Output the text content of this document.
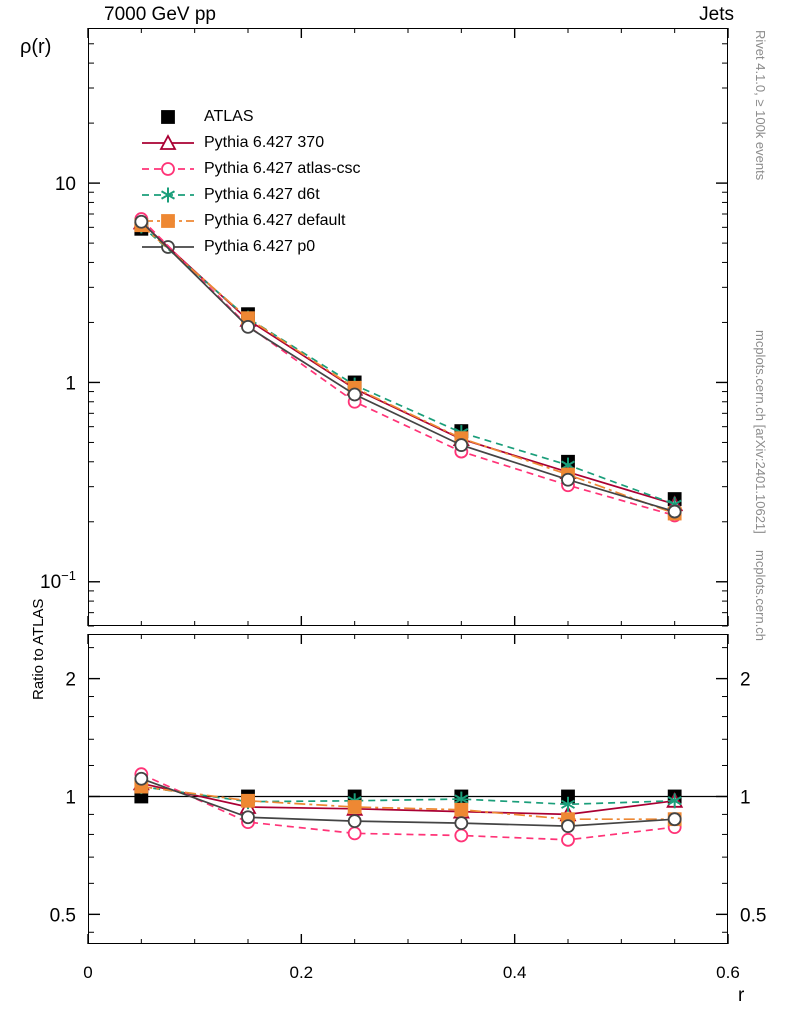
7000 GeV pp	Jets
Rivet 4.1.0, ≥ 100k events
mcplots.cern.ch [arXiv:2401.10621]
mcplots.cern.ch
ρ(r)
Ratio to ATLAS
r
ATLAS
Pythia 6.427 370
Pythia 6.427 atlas-csc
Pythia 6.427 d6t
Pythia 6.427 default
Pythia 6.427 p0
0	0.2	0.4	0.6
$10^{-1}$
1
10
0.5	0.5
1	1
2	2
